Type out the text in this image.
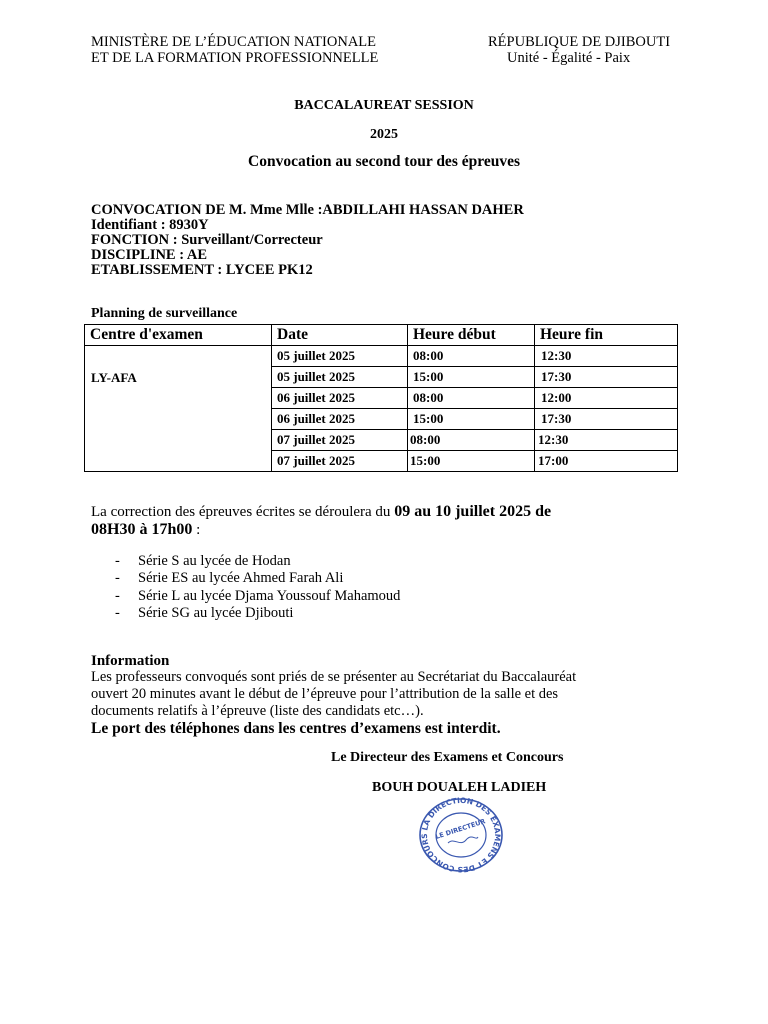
MINISTÈRE DE L’ÉDUCATION NATIONALE
ET DE LA FORMATION PROFESSIONNELLE
RÉPUBLIQUE DE DJIBOUTI
Unité - Égalité - Paix
BACCALAUREAT SESSION
2025
Convocation au second tour des épreuves
CONVOCATION DE M. Mme Mlle :ABDILLAHI HASSAN DAHER
Identifiant : 8930Y
FONCTION : Surveillant/Correcteur
DISCIPLINE : AE
ETABLISSEMENT : LYCEE PK12
Planning de surveillance
Centre d'examen	Date	Heure début	Heure fin
LY-AFA	05 juillet 2025	08:00	12:30
	05 juillet 2025	15:00	17:30
	06 juillet 2025	08:00	12:00
	06 juillet 2025	15:00	17:30
	07 juillet 2025	08:00	12:30
	07 juillet 2025	15:00	17:00
La correction des épreuves écrites se déroulera du 09 au 10 juillet 2025 de
08H30 à 17h00 :
- Série S au lycée de Hodan
- Série ES au lycée Ahmed Farah Ali
- Série L au lycée Djama Youssouf Mahamoud
- Série SG au lycée Djibouti
Information
Les professeurs convoqués sont priés de se présenter au Secrétariat du Baccalauréat
ouvert 20 minutes avant le début de l’épreuve pour l’attribution de la salle et des
documents relatifs à l’épreuve (liste des candidats etc…).
Le port des téléphones dans les centres d’examens est interdit.
Le Directeur des Examens et Concours
BOUH DOUALEH LADIEH
LA DIRECTION DES EXAMENS ET DES CONCOURS LE DIRECTEUR
